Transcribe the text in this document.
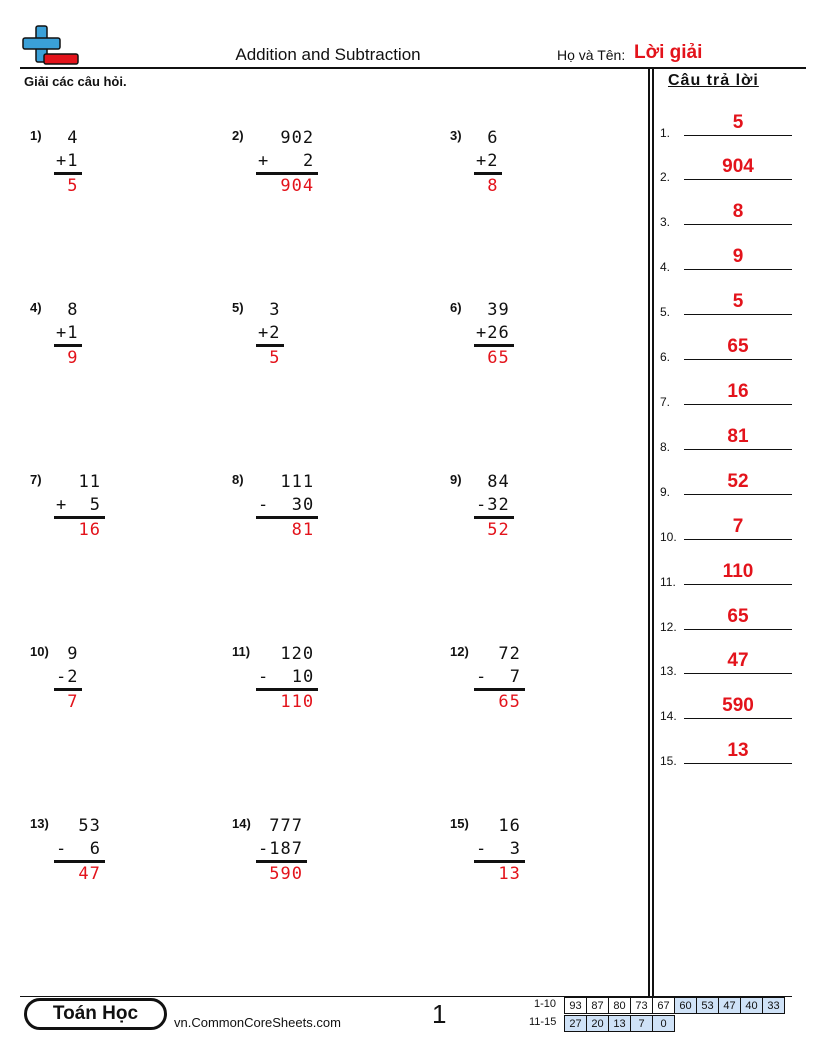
Addition and Subtraction	Họ và Tên: Lời giải
Giải các câu hỏi.	Câu trả lời
1.	5
2.	904
3.	8
4.	9
5.	5
6.	65
7.	16
8.	81
9.	52
10.	7
11.	110
12.	65
13.	47
14.	590
15.	13
1) 4
+1
5
2) 902
+   2
904
3) 6
+2
8
4) 8
+1
9
5) 3
+2
5
6) 39
+26
65
7) 11
+  5
16
8) 111
-  30
81
9) 84
-32
52
10) 9
-2
7
11) 120
-  10
110
12) 72
-  7
65
13) 53
-  6
47
14) 777
-187
590
15) 16
-  3
13
Toán Học	vn.CommonCoreSheets.com	1	1-10 93	87	80	73	67	60	53	47	40	33
11-15 27	20	13	7	0
